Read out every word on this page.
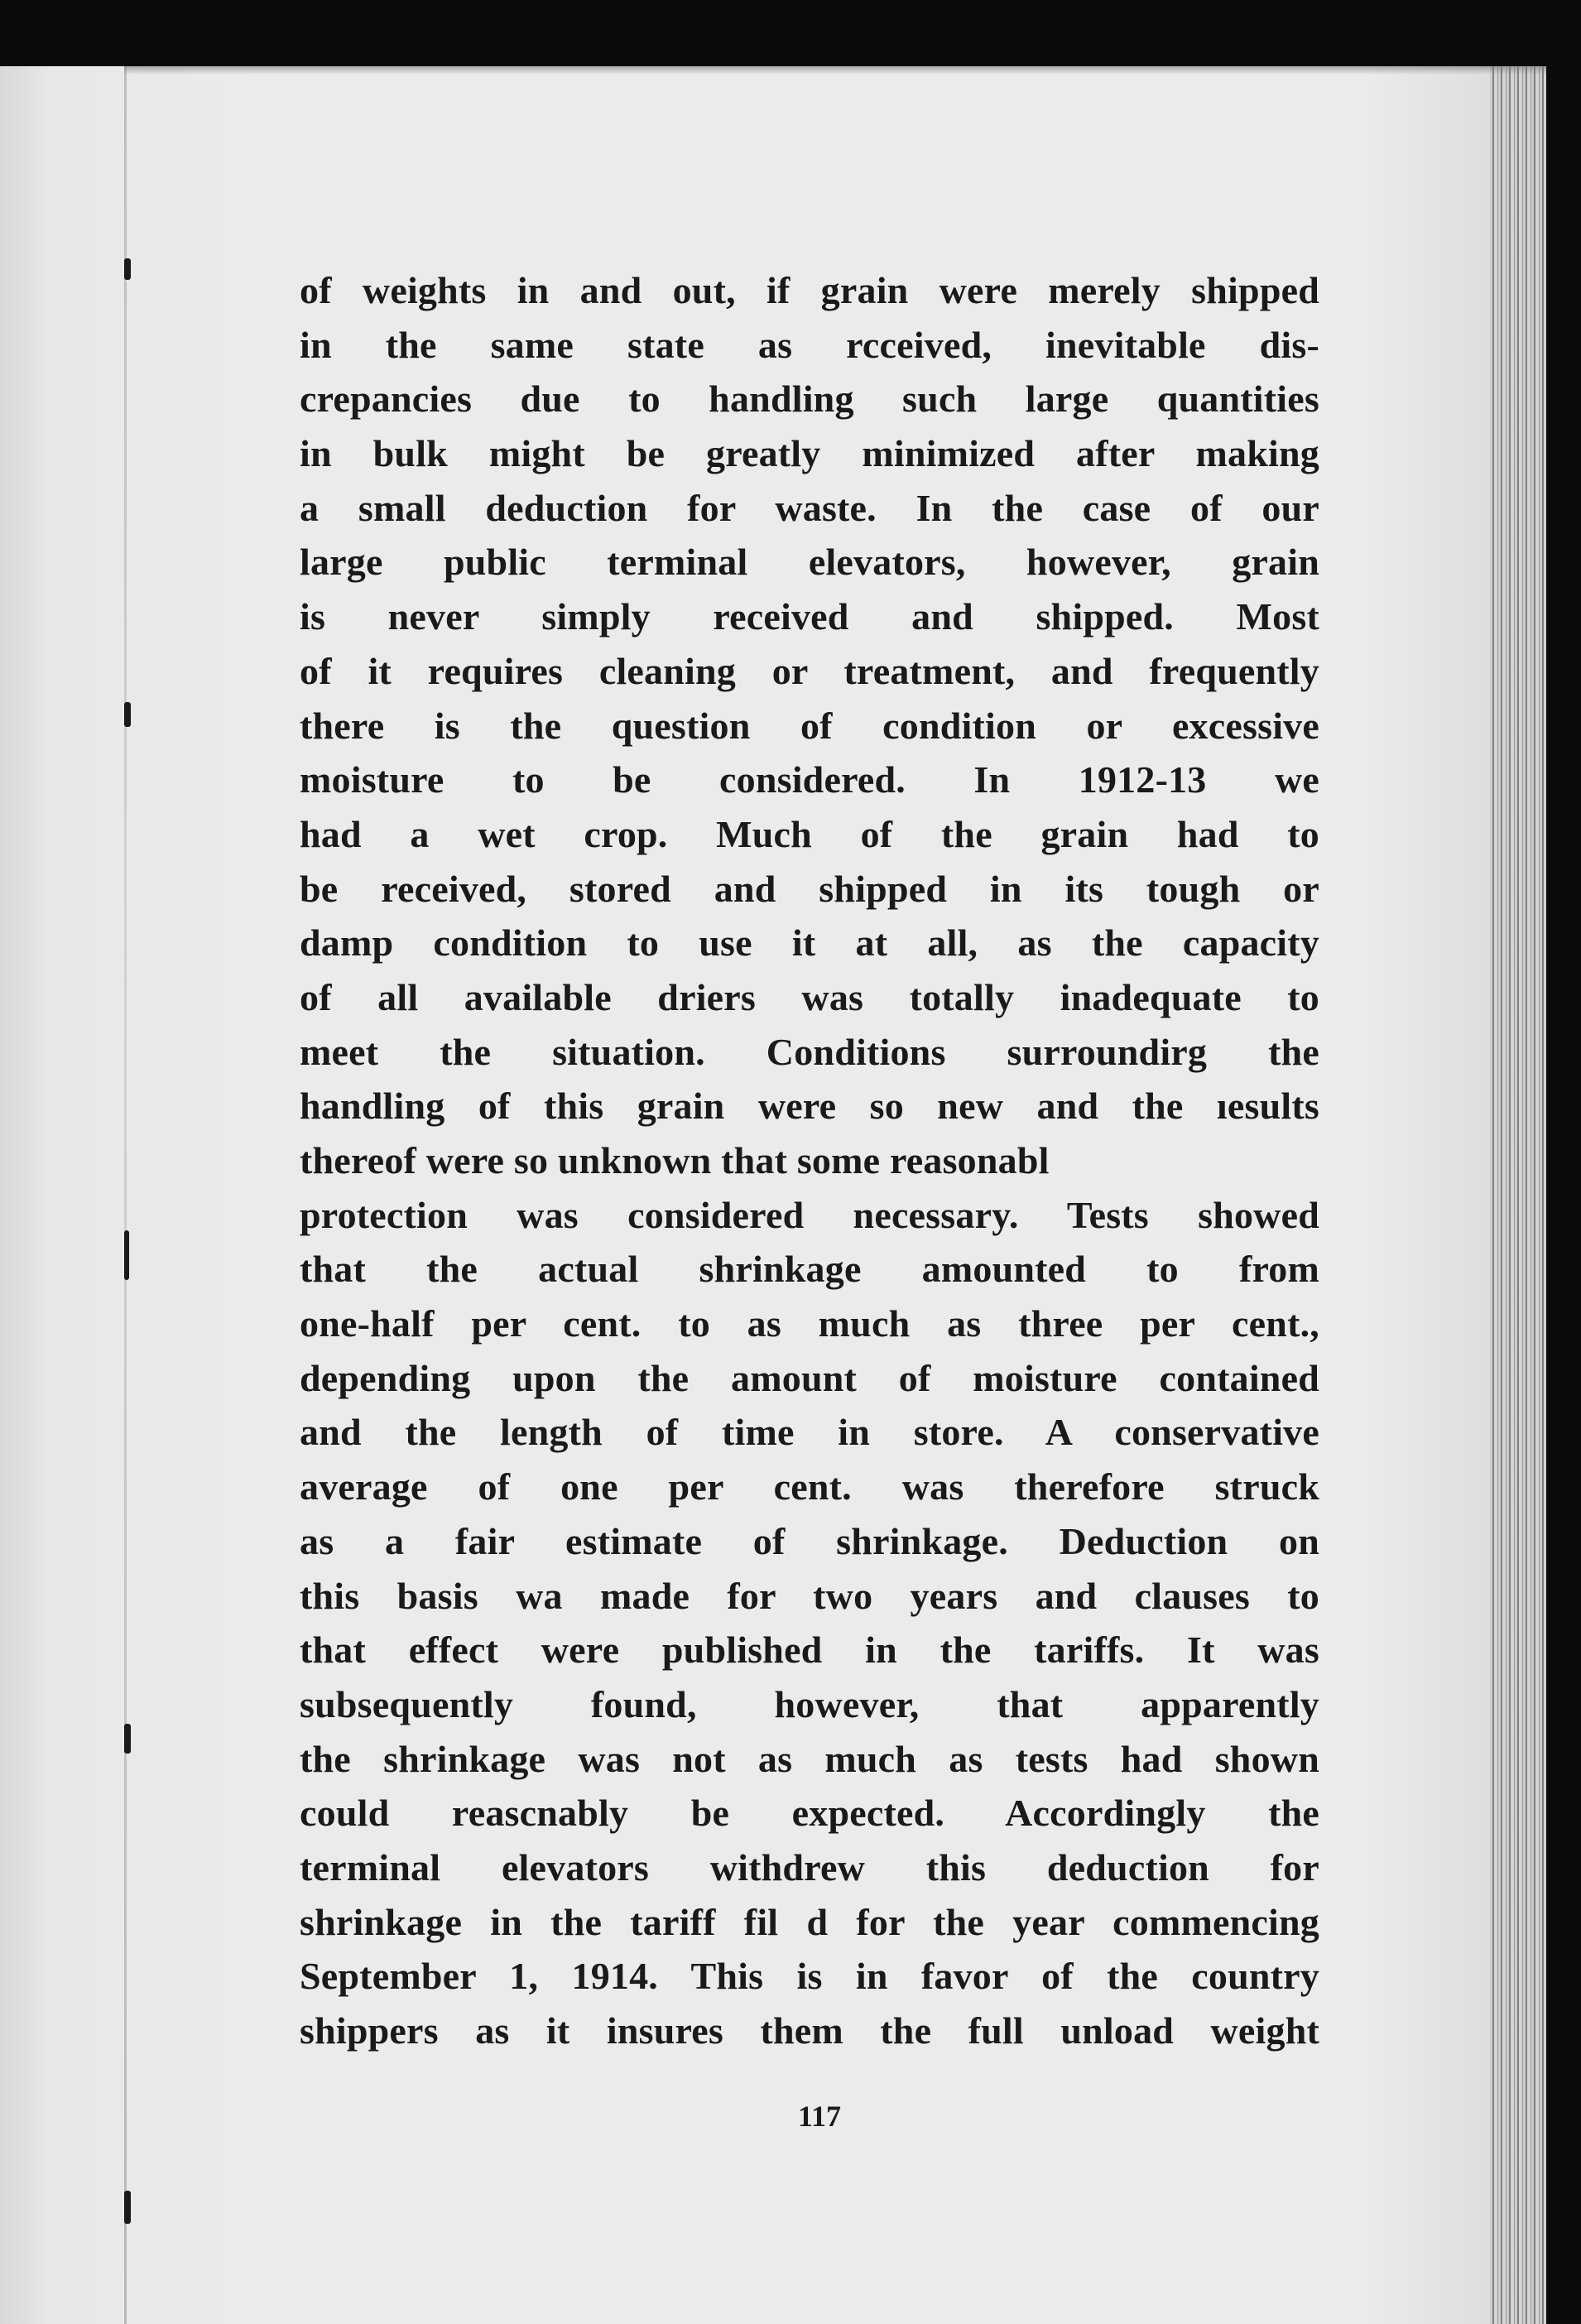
of weights in and out, if grain were merely shipped
in the same state as rcceived, inevitable dis-
crepancies due to handling such large quantities
in bulk might be greatly minimized after making
a small deduction for waste. In the case of our
large public terminal elevators, however, grain
is never simply received and shipped. Most
of it requires cleaning or treatment, and frequently
there is the question of condition or excessive
moisture to be considered. In 1912-13 we
had a wet crop. Much of the grain had to
be received, stored and shipped in its tough or
damp condition to use it at all, as the capacity
of all available driers was totally inadequate to
meet the situation. Conditions surroundirg the
handling of this grain were so new and the ıesults
thereof were so unknown that some reasonabl
protection was considered necessary. Tests showed
that the actual shrinkage amounted to from
one-half per cent. to as much as three per cent.,
depending upon the amount of moisture contained
and the length of time in store. A conservative
average of one per cent. was therefore struck
as a fair estimate of shrinkage. Deduction on
this basis wa made for two years and clauses to
that effect were published in the tariffs. It was
subsequently found, however, that apparently
the shrinkage was not as much as tests had shown
could reascnably be expected. Accordingly the
terminal elevators withdrew this deduction for
shrinkage in the tariff fil d for the year commencing
September 1, 1914. This is in favor of the country
shippers as it insures them the full unload weight
117
